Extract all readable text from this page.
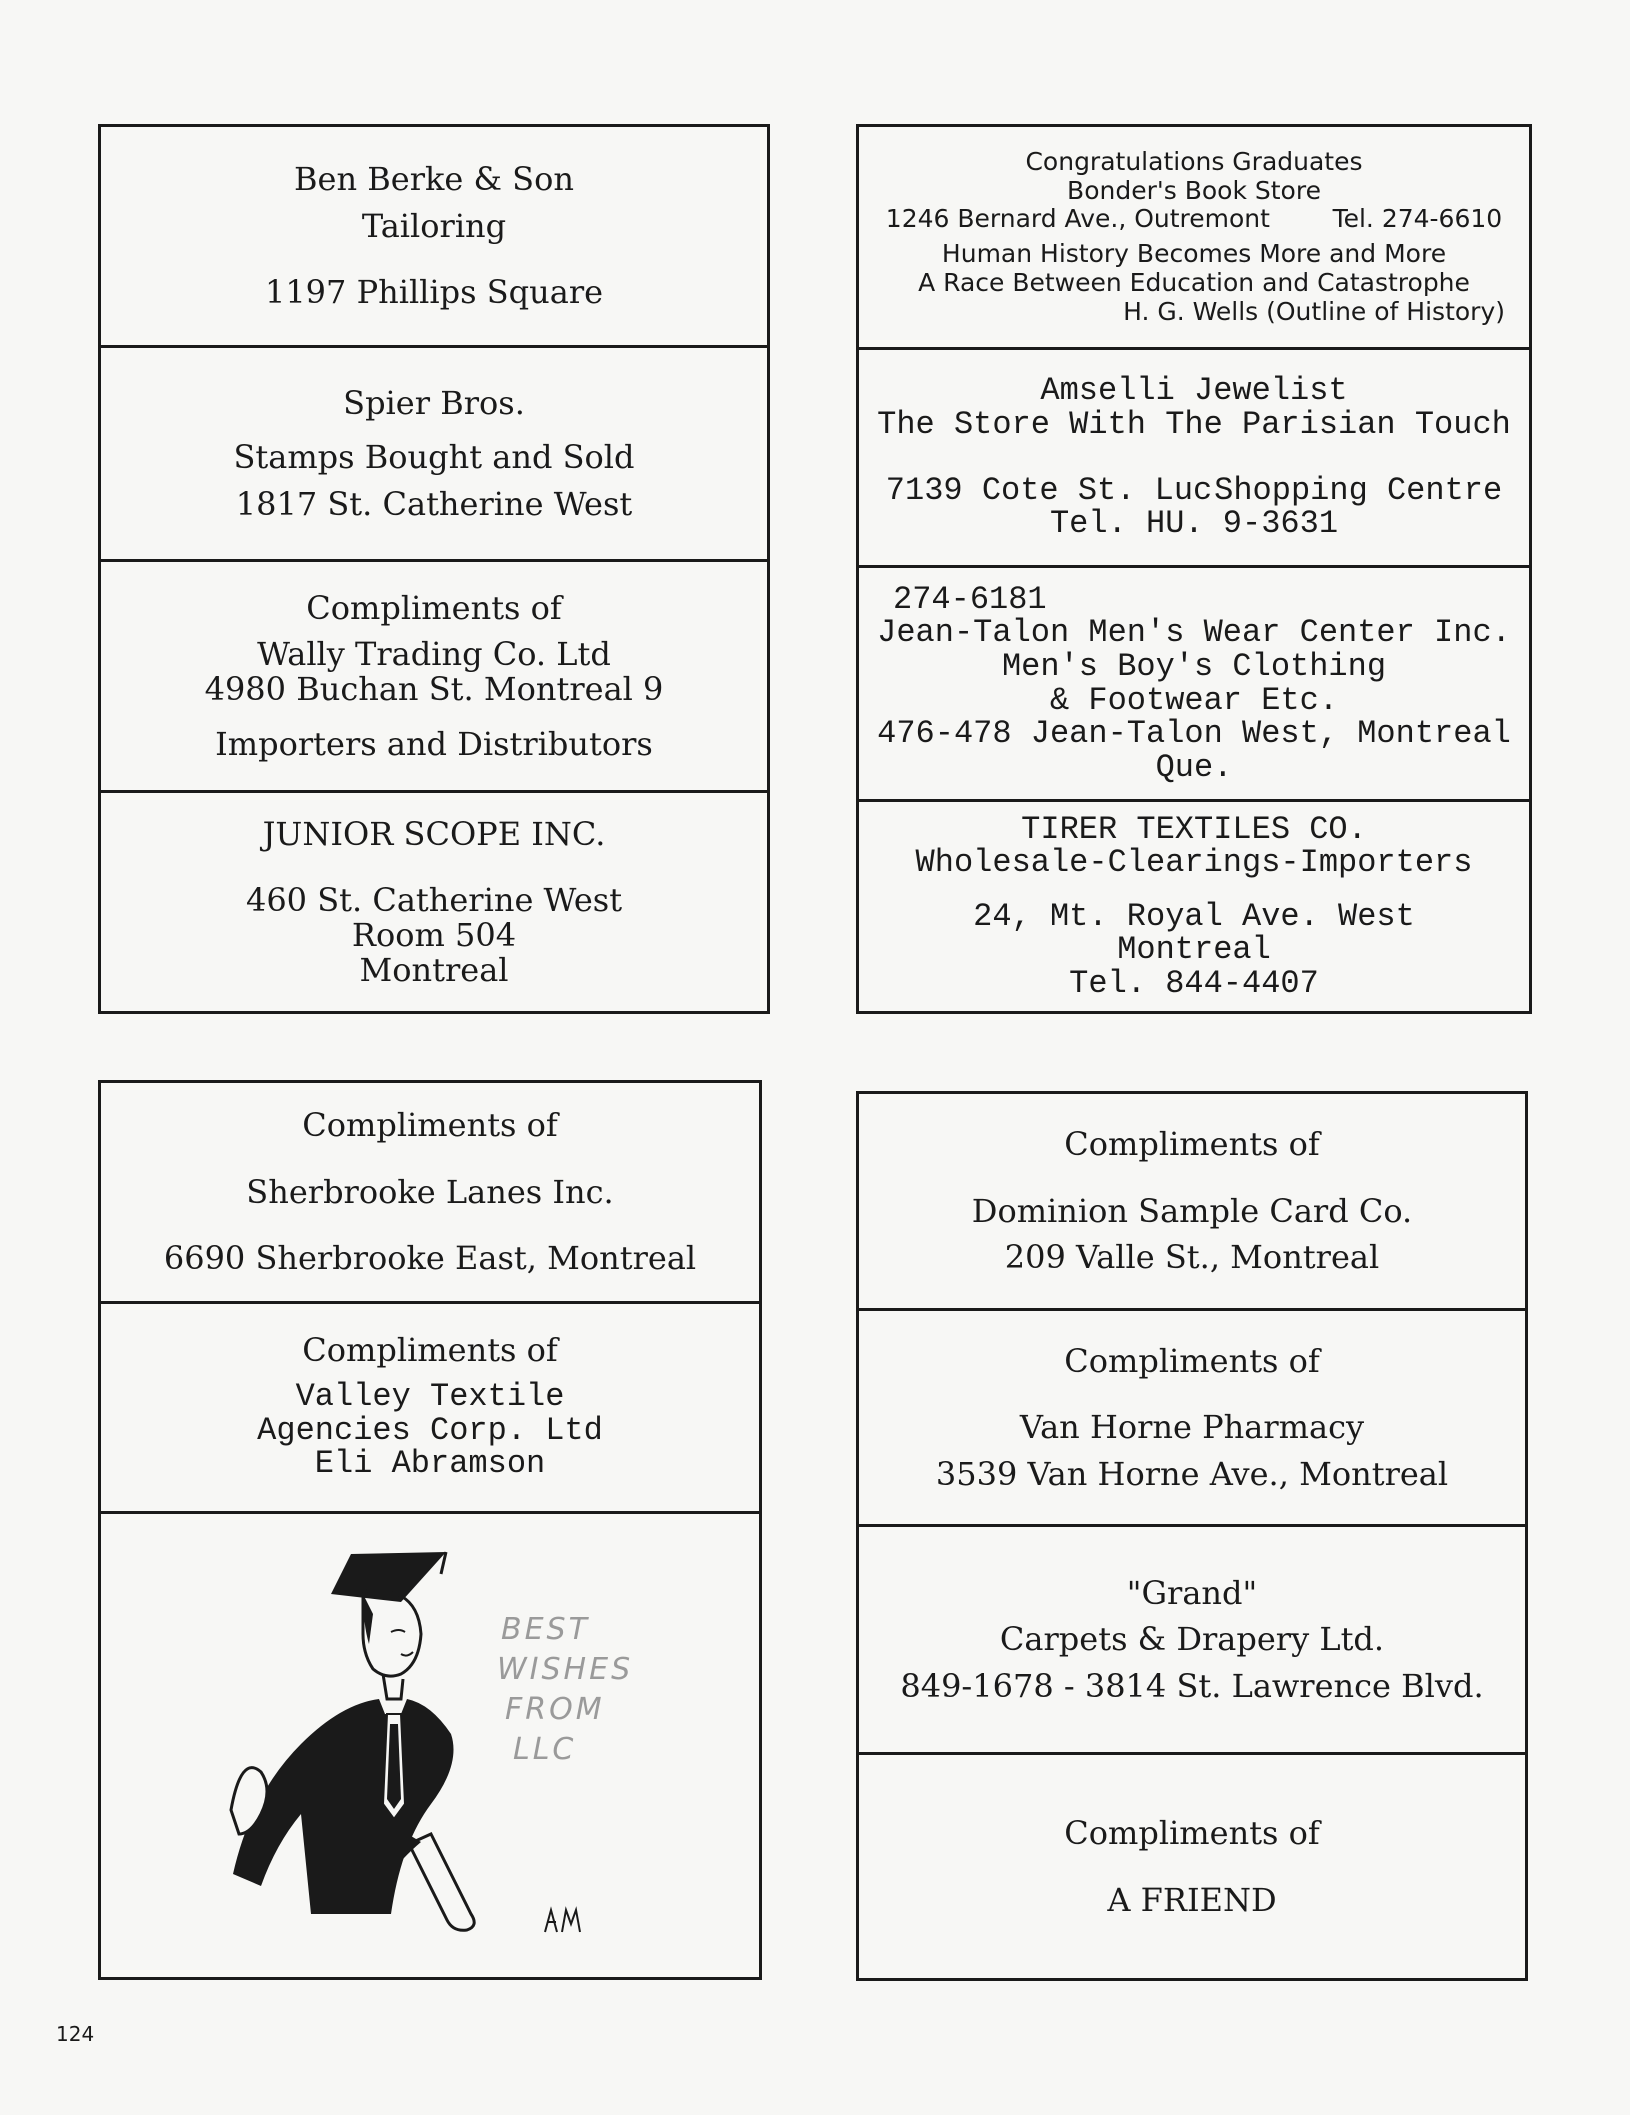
Ben Berke & Son
Tailoring
1197 Phillips Square
Spier Bros.
Stamps Bought and Sold
1817 St. Catherine West
Compliments of
Wally Trading Co. Ltd
4980 Buchan St. Montreal 9
Importers and Distributors
JUNIOR SCOPE INC.
460 St. Catherine West
Room 504
Montreal
Congratulations Graduates
Bonder's Book Store
1246 Bernard Ave., Outremont	Tel. 274-6610
Human History Becomes More and More
A Race Between Education and Catastrophe
H. G. Wells (Outline of History)
Amselli Jewelist
The Store With The Parisian Touch
7139 Cote St. Luc Shopping Centre
Tel. HU. 9-3631
274-6181
Jean-Talon Men's Wear Center Inc.
Men's Boy's Clothing
& Footwear Etc.
476-478 Jean-Talon West, Montreal
Que.
TIRER TEXTILES CO.
Wholesale-Clearings-Importers
24, Mt. Royal Ave. West
Montreal
Tel. 844-4407
Compliments of
Sherbrooke Lanes Inc.
6690 Sherbrooke East, Montreal
Compliments of
Valley Textile
Agencies Corp. Ltd
Eli Abramson
BEST
WISHES
FROM
LLC
Compliments of
Dominion Sample Card Co.
209 Valle St., Montreal
Compliments of
Van Horne Pharmacy
3539 Van Horne Ave., Montreal
"Grand"
Carpets & Drapery Ltd.
849-1678 - 3814 St. Lawrence Blvd.
Compliments of
A FRIEND
124
